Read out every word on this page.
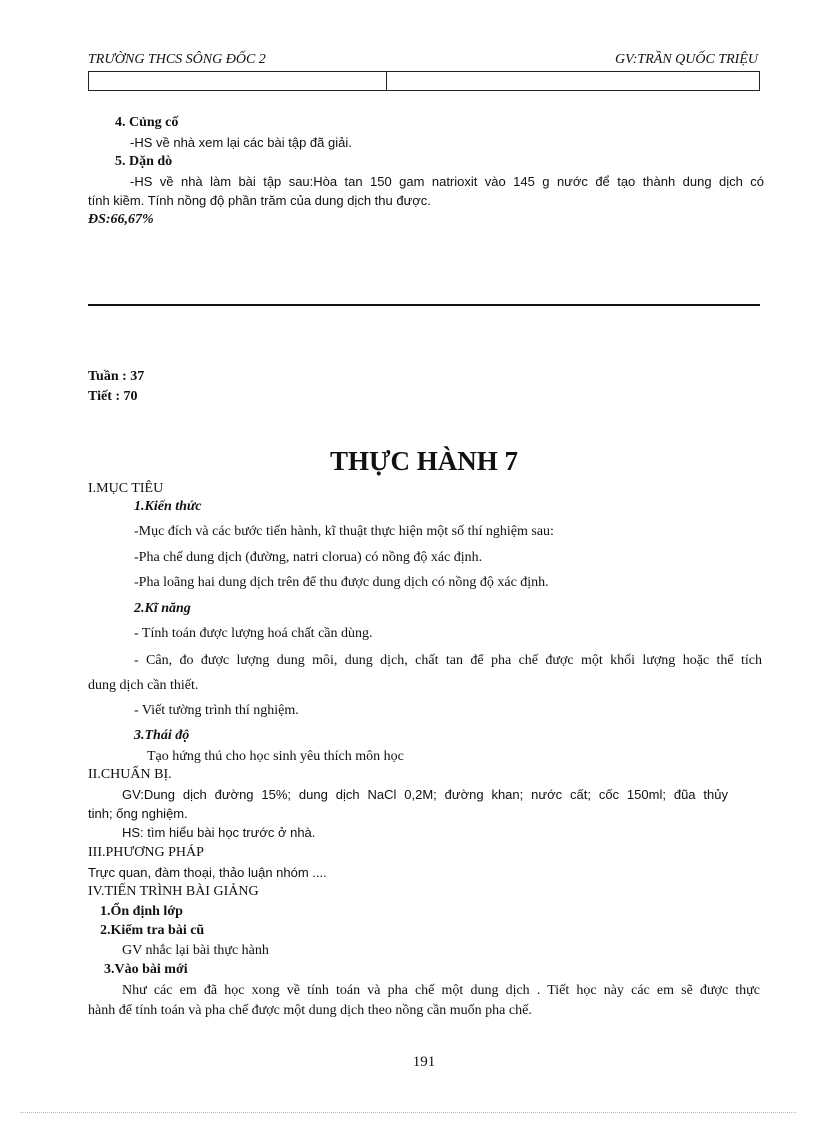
TRƯỜNG THCS SÔNG ĐỐC 2	GV:TRẦN QUỐC TRIỆU
4. Củng cố
-HS về nhà xem lại các bài tập đã giải.
5. Dặn dò
-HS về nhà làm bài tập sau:Hòa tan 150 gam natrioxit vào 145 g nước để tạo thành dung dịch có
tính kiềm. Tính nồng độ phần trăm của dung dịch thu được.
ĐS:66,67%
Tuần : 37
Tiết : 70
THỰC HÀNH 7
I.MỤC TIÊU
1.Kiến thức
-Mục đích và các bước tiến hành, kĩ thuật thực hiện một số thí nghiệm sau:
-Pha chế dung dịch (đường, natri clorua) có nồng độ xác định.
-Pha loãng hai dung dịch trên để thu được dung dịch có nồng độ xác định.
2.Kĩ năng
- Tính toán được lượng hoá chất cần dùng.
- Cân, đo được lượng dung môi, dung dịch, chất tan để pha chế được một khối lượng hoặc thể tích
dung dịch cần thiết.
- Viết tường trình thí nghiệm.
3.Thái độ
Tạo hứng thú cho học sinh yêu thích môn học
II.CHUẨN BỊ.
GV:Dung dịch đường 15%; dung dịch NaCl 0,2M; đường khan; nước cất; cốc 150ml; đũa thủy
tinh; ống nghiệm.
HS: tìm hiểu bài học trước ở nhà.
III.PHƯƠNG PHÁP
Trực quan, đàm thoại, thảo luận nhóm ....
IV.TIẾN TRÌNH BÀI GIẢNG
1.Ổn định lớp
2.Kiểm tra bài cũ
GV nhắc lại bài thực hành
3.Vào bài mới
Như các em đã học xong về tính toán và pha chế một dung dịch . Tiết học này các em sẽ được thực
hành để tính toán và pha chế được một dung dịch theo nồng cần muốn pha chế.
191
